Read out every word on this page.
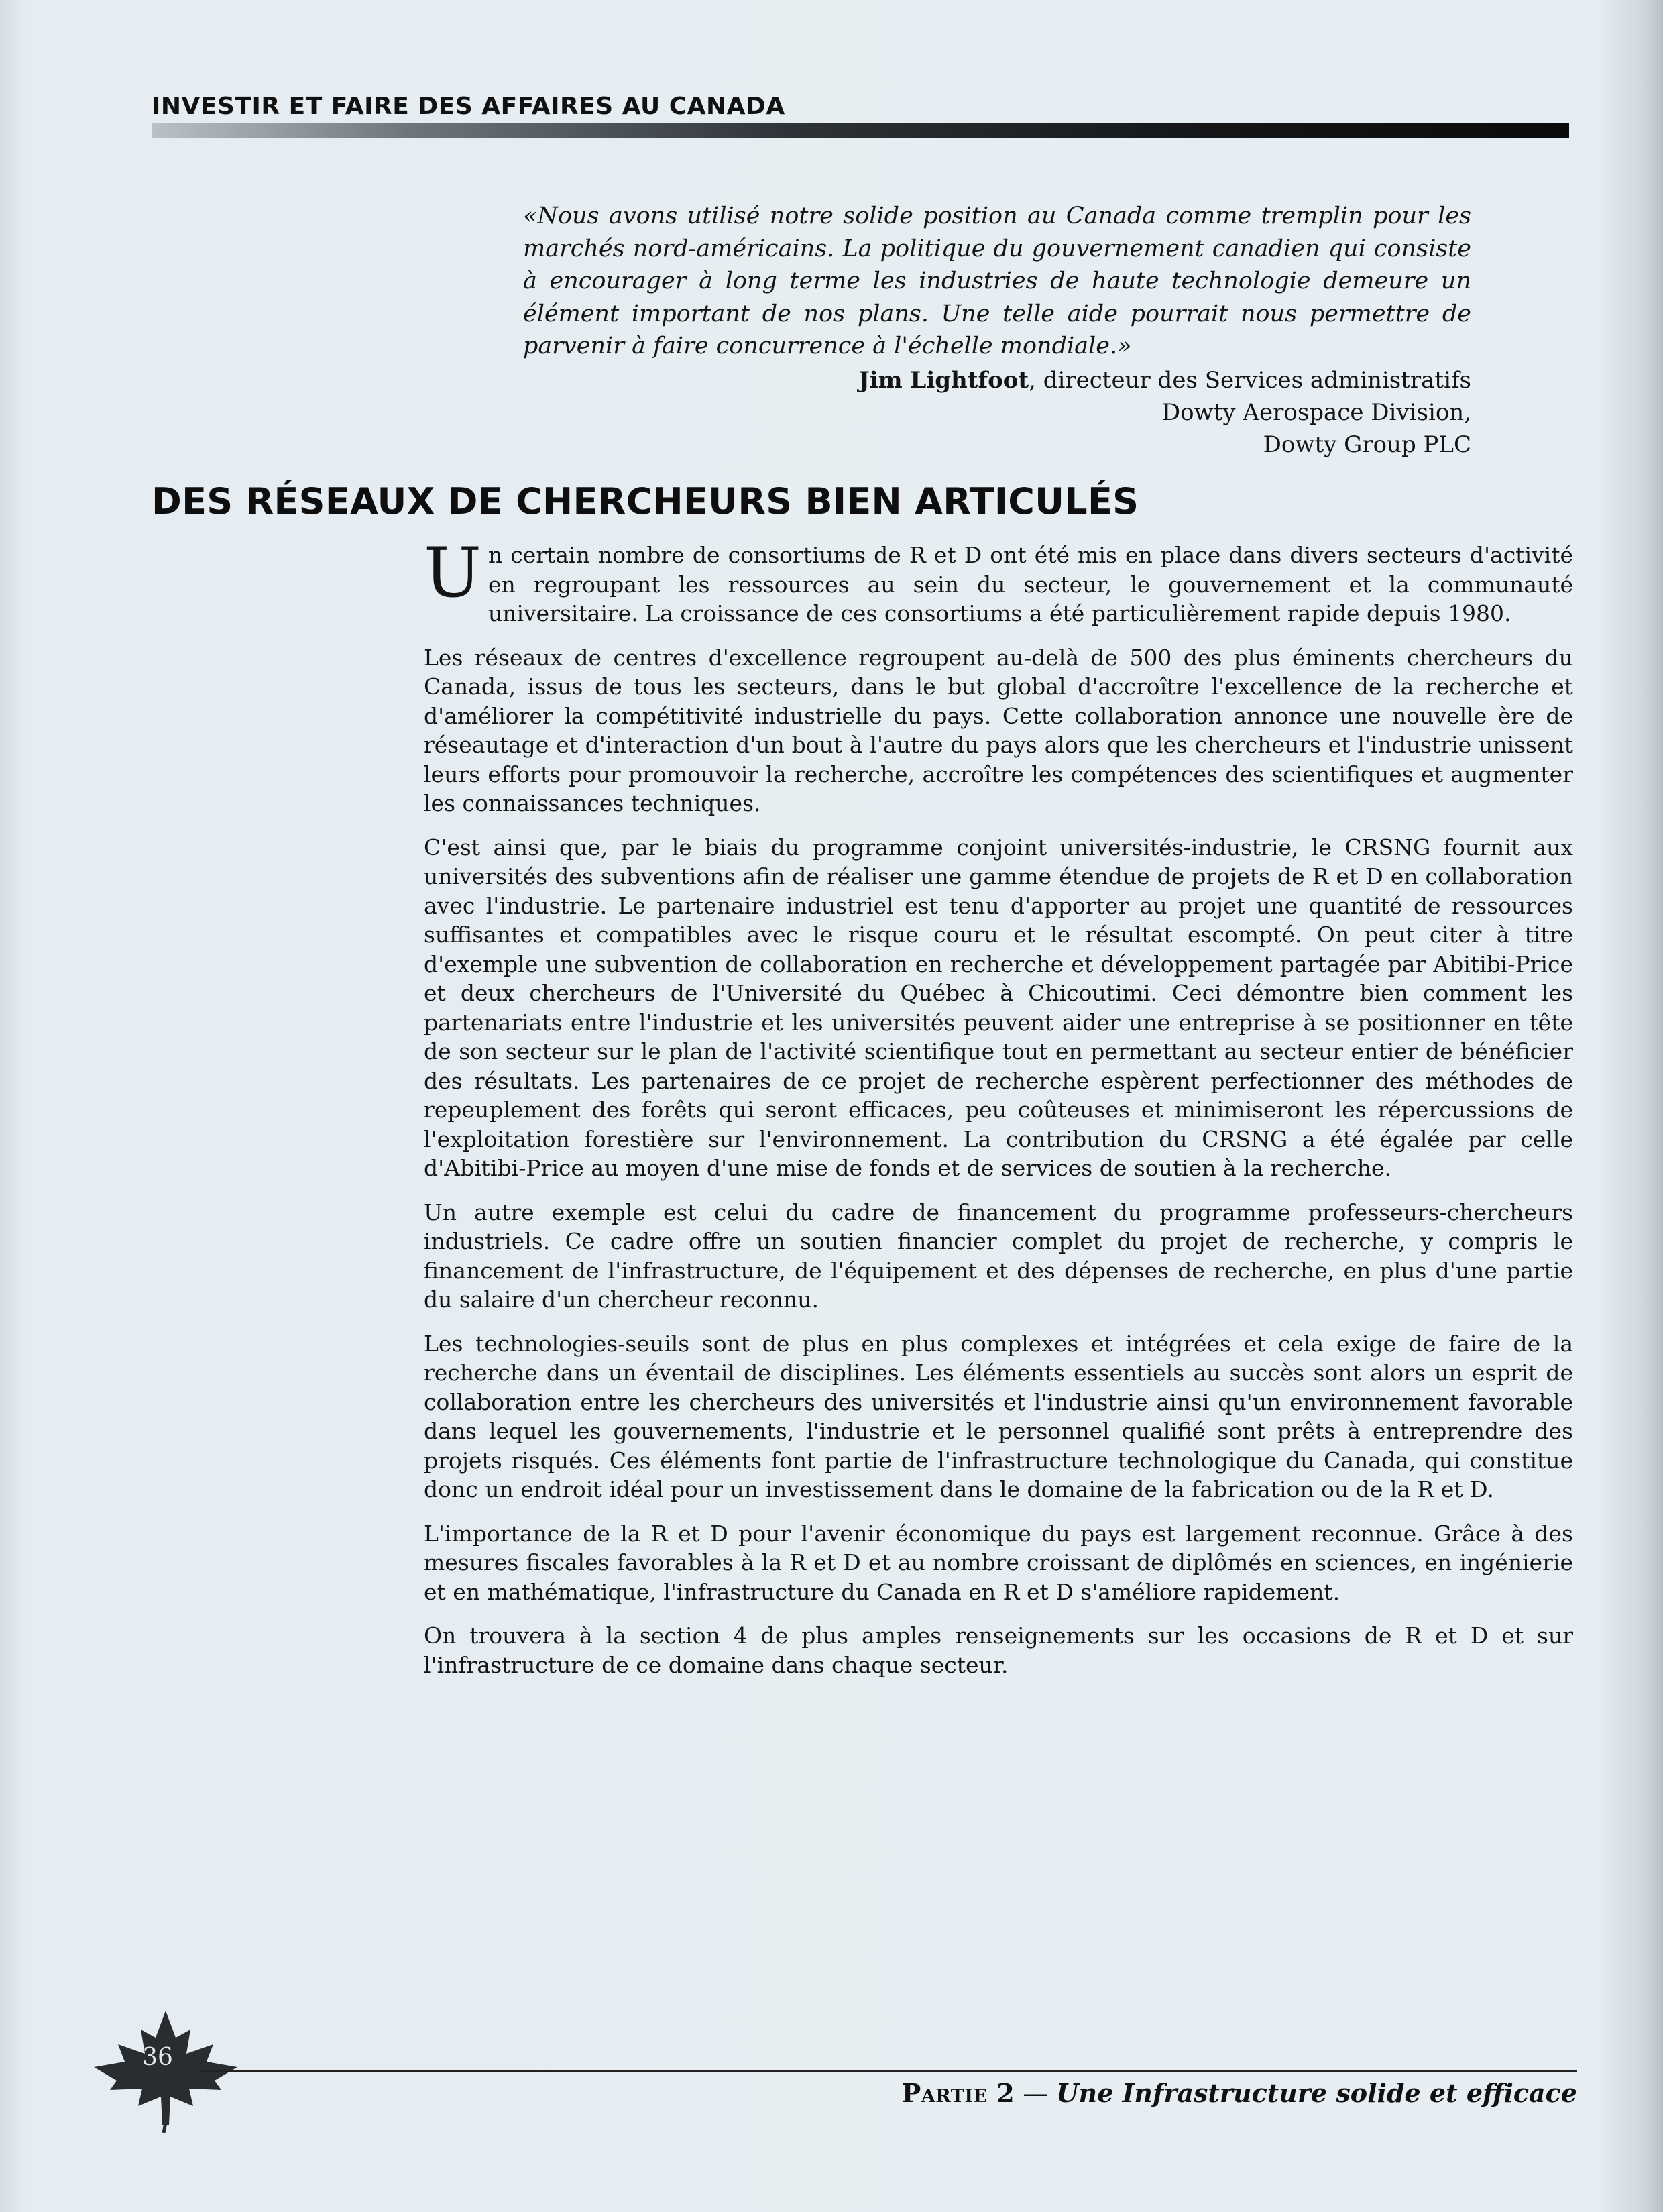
INVESTIR ET FAIRE DES AFFAIRES AU CANADA

«Nous avons utilisé notre solide position au Canada comme tremplin pour les marchés nord-américains. La politique du gouvernement canadien qui consiste à encourager à long terme les industries de haute technologie demeure un élément important de nos plans. Une telle aide pourrait nous permettre de parvenir à faire concurrence à l'échelle mondiale.»

Jim Lightfoot, directeur des Services administratifs
Dowty Aerospace Division,
Dowty Group PLC
DES RÉSEAUX DE CHERCHEURS BIEN ARTICULÉS

Un certain nombre de consortiums de R et D ont été mis en place dans divers secteurs d'activité en regroupant les ressources au sein du secteur, le gouvernement et la communauté universitaire. La croissance de ces consortiums a été particulièrement rapide depuis 1980.

Les réseaux de centres d'excellence regroupent au-delà de 500 des plus éminents chercheurs du Canada, issus de tous les secteurs, dans le but global d'accroître l'excellence de la recherche et d'améliorer la compétitivité industrielle du pays. Cette collaboration annonce une nouvelle ère de réseautage et d'interaction d'un bout à l'autre du pays alors que les chercheurs et l'industrie unissent leurs efforts pour promouvoir la recherche, accroître les compétences des scientifiques et augmenter les connaissances techniques.

C'est ainsi que, par le biais du programme conjoint universités-industrie, le CRSNG fournit aux universités des subventions afin de réaliser une gamme étendue de projets de R et D en collaboration avec l'industrie. Le partenaire industriel est tenu d'apporter au projet une quantité de ressources suffisantes et compatibles avec le risque couru et le résultat escompté. On peut citer à titre d'exemple une subvention de collaboration en recherche et développement partagée par Abitibi-Price et deux chercheurs de l'Université du Québec à Chicoutimi. Ceci démontre bien comment les partenariats entre l'industrie et les universités peuvent aider une entreprise à se positionner en tête de son secteur sur le plan de l'activité scientifique tout en permettant au secteur entier de bénéficier des résultats. Les partenaires de ce projet de recherche espèrent perfectionner des méthodes de repeuplement des forêts qui seront efficaces, peu coûteuses et minimiseront les répercussions de l'exploitation forestière sur l'environnement. La contribution du CRSNG a été égalée par celle d'Abitibi-Price au moyen d'une mise de fonds et de services de soutien à la recherche.

Un autre exemple est celui du cadre de financement du programme professeurs-chercheurs industriels. Ce cadre offre un soutien financier complet du projet de recherche, y compris le financement de l'infrastructure, de l'équipement et des dépenses de recherche, en plus d'une partie du salaire d'un chercheur reconnu.

Les technologies-seuils sont de plus en plus complexes et intégrées et cela exige de faire de la recherche dans un éventail de disciplines. Les éléments essentiels au succès sont alors un esprit de collaboration entre les chercheurs des universités et l'industrie ainsi qu'un environnement favorable dans lequel les gouvernements, l'industrie et le personnel qualifié sont prêts à entreprendre des projets risqués. Ces éléments font partie de l'infrastructure technologique du Canada, qui constitue donc un endroit idéal pour un investissement dans le domaine de la fabrication ou de la R et D.

L'importance de la R et D pour l'avenir économique du pays est largement reconnue. Grâce à des mesures fiscales favorables à la R et D et au nombre croissant de diplômés en sciences, en ingénierie et en mathématique, l'infrastructure du Canada en R et D s'améliore rapidement.

On trouvera à la section 4 de plus amples renseignements sur les occasions de R et D et sur l'infrastructure de ce domaine dans chaque secteur.

36
Partie 2 — Une Infrastructure solide et efficace
